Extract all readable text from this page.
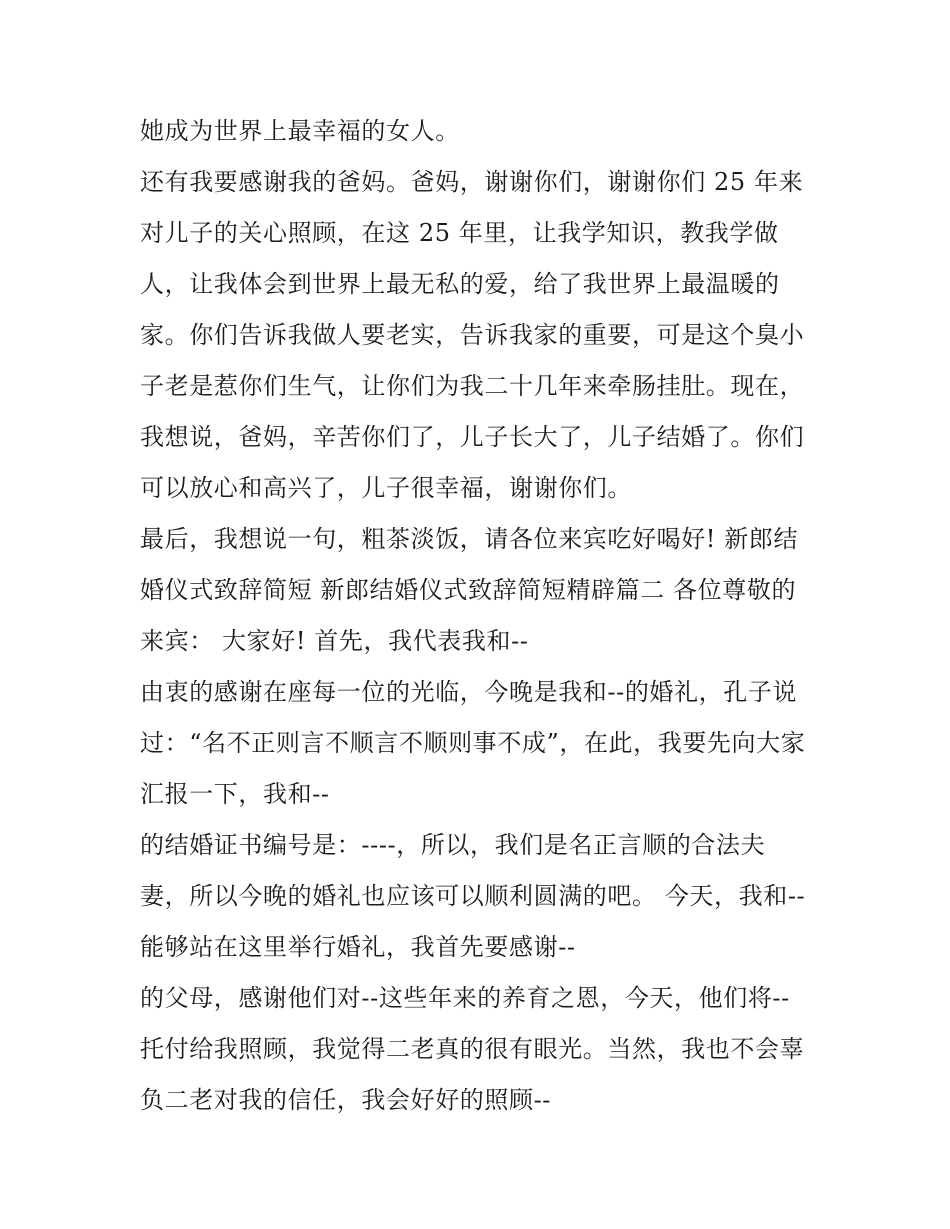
她成为世界上最幸福的女人。
还有我要感谢我的爸妈。爸妈，谢谢你们，谢谢你们 25 年来
对儿子的关心照顾，在这 25 年里，让我学知识，教我学做
人，让我体会到世界上最无私的爱，给了我世界上最温暖的
家。你们告诉我做人要老实，告诉我家的重要，可是这个臭小
子老是惹你们生气，让你们为我二十几年来牵肠挂肚。现在，
我想说，爸妈，辛苦你们了，儿子长大了，儿子结婚了。你们
可以放心和高兴了，儿子很幸福，谢谢你们。
最后，我想说一句，粗茶淡饭，请各位来宾吃好喝好! 新郎结
婚仪式致辞简短 新郎结婚仪式致辞简短精辟篇二 各位尊敬的
来宾： 大家好! 首先，我代表我和--
由衷的感谢在座每一位的光临，今晚是我和--的婚礼，孔子说
过：“名不正则言不顺言不顺则事不成”，在此，我要先向大家
汇报一下，我和--
的结婚证书编号是：----，所以，我们是名正言顺的合法夫
妻，所以今晚的婚礼也应该可以顺利圆满的吧。 今天，我和--
能够站在这里举行婚礼，我首先要感谢--
的父母，感谢他们对--这些年来的养育之恩，今天，他们将--
托付给我照顾，我觉得二老真的很有眼光。当然，我也不会辜
负二老对我的信任，我会好好的照顾--
